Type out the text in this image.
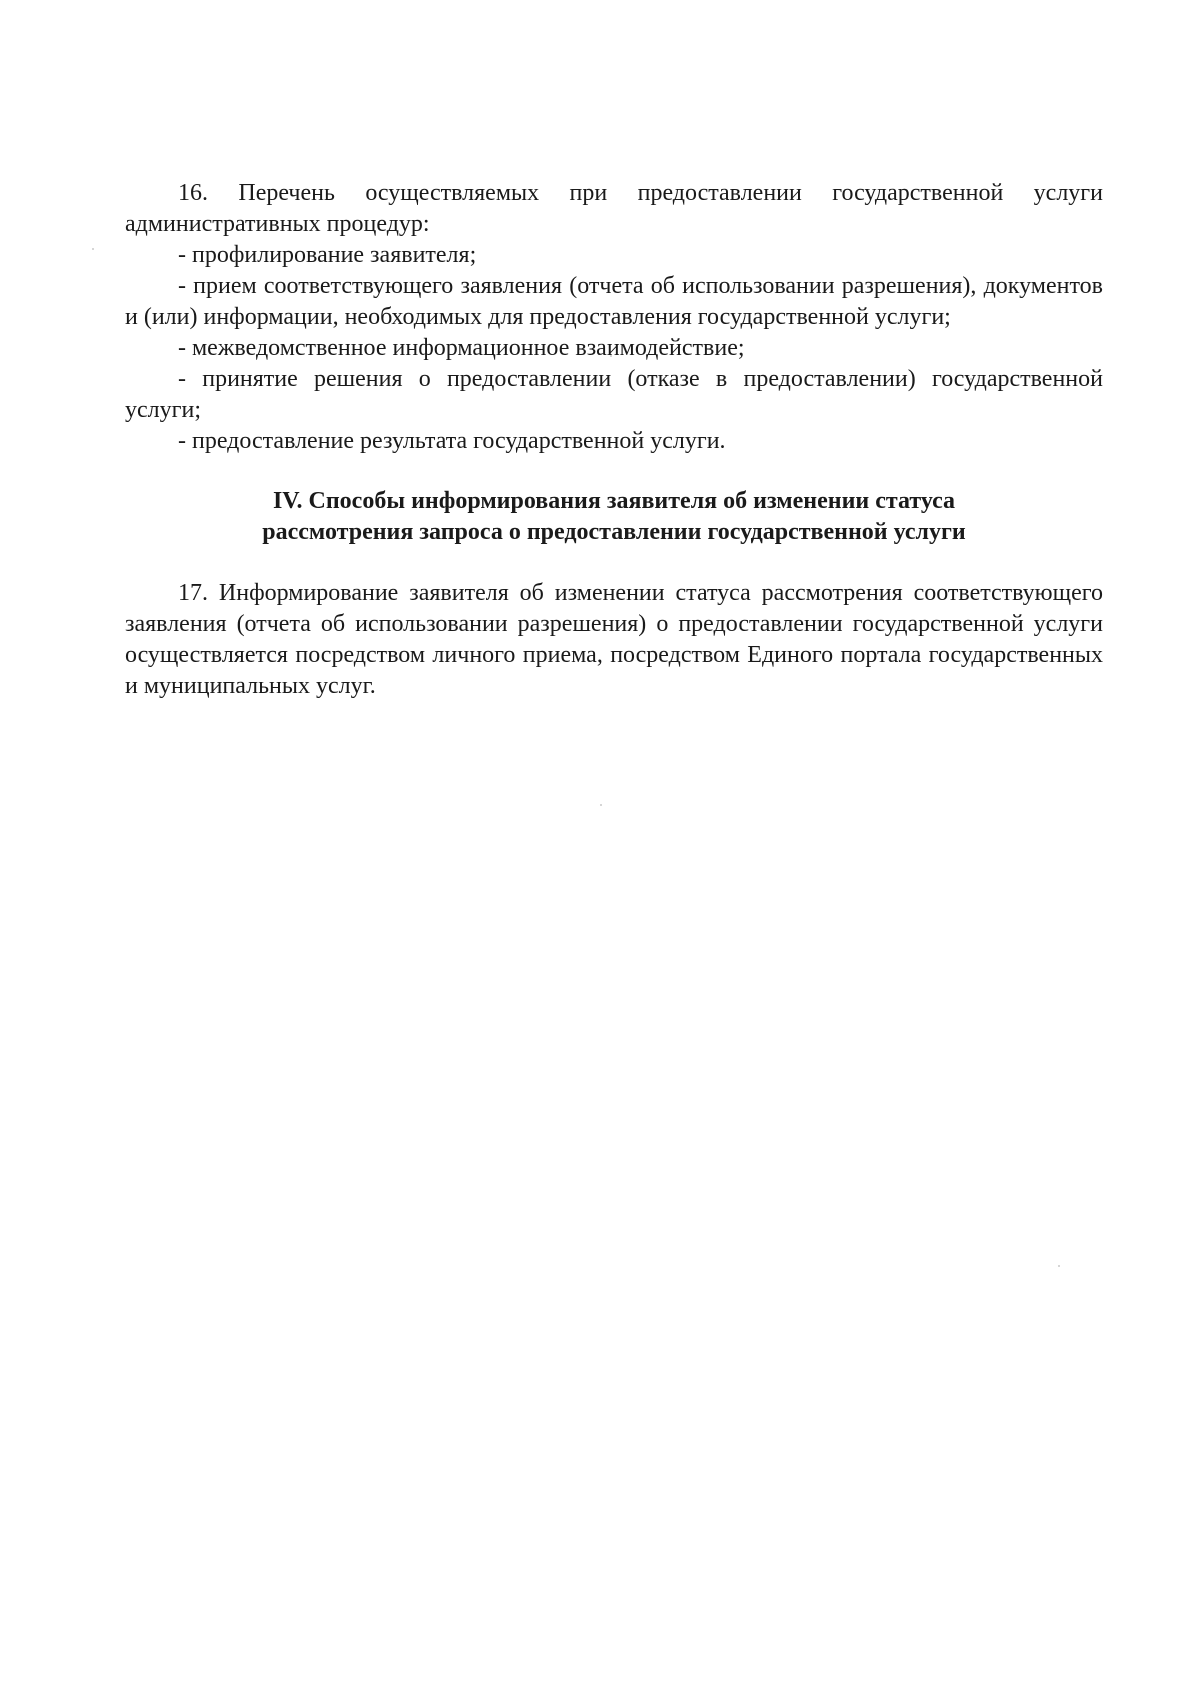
16. Перечень осуществляемых при предоставлении государственной услуги административных процедур:

- профилирование заявителя;

- прием соответствующего заявления (отчета об использовании разрешения), документов и (или) информации, необходимых для предоставления государственной услуги;

- межведомственное информационное взаимодействие;

- принятие решения о предоставлении (отказе в предоставлении) государственной услуги;

- предоставление результата государственной услуги.

IV. Способы информирования заявителя об изменении статуса
рассмотрения запроса о предоставлении государственной услуги

17. Информирование заявителя об изменении статуса рассмотрения соответствующего заявления (отчета об использовании разрешения) о предоставлении государственной услуги осуществляется посредством личного приема, посредством Единого портала государственных и муниципальных услуг.
